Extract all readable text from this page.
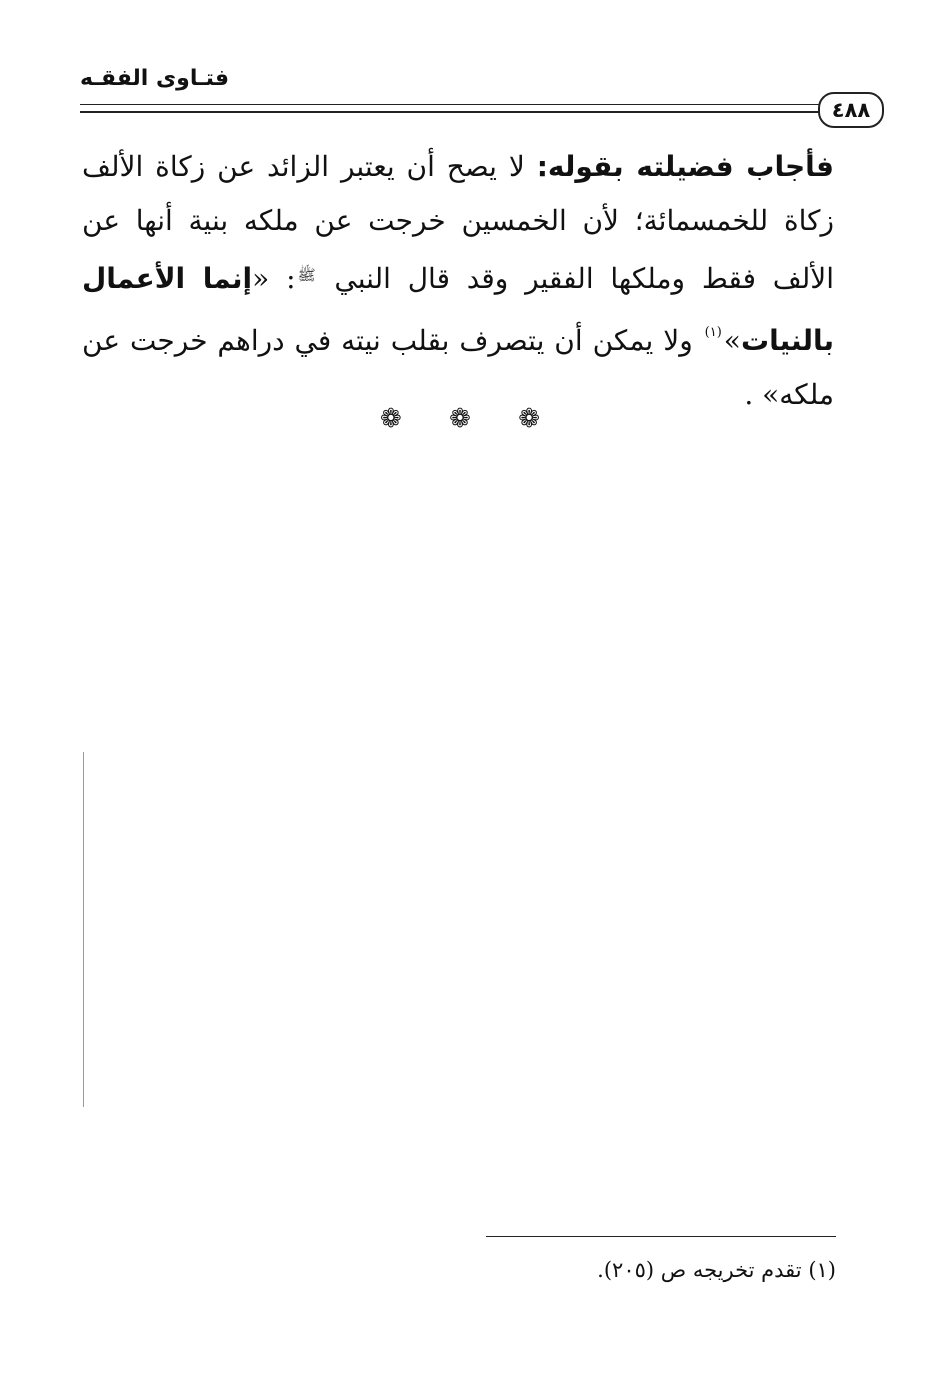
فتـاوى الفقـه
٤٨٨
فأجاب فضيلته بقوله: لا يصح أن يعتبر الزائد عن زكاة الألف زكاة للخمسمائة؛ لأن الخمسين خرجت عن ملكه بنية أنها عن الألف فقط وملكها الفقير وقد قال النبي $^ﷺ$: «إنما الأعمال بالنيات»$^{(١)}$ ولا يمكن أن يتصرف بقلب نيته في دراهم خرجت عن ملكه» .
❁
❁
❁
(١) تقدم تخريجه ص (٢٠٥).
